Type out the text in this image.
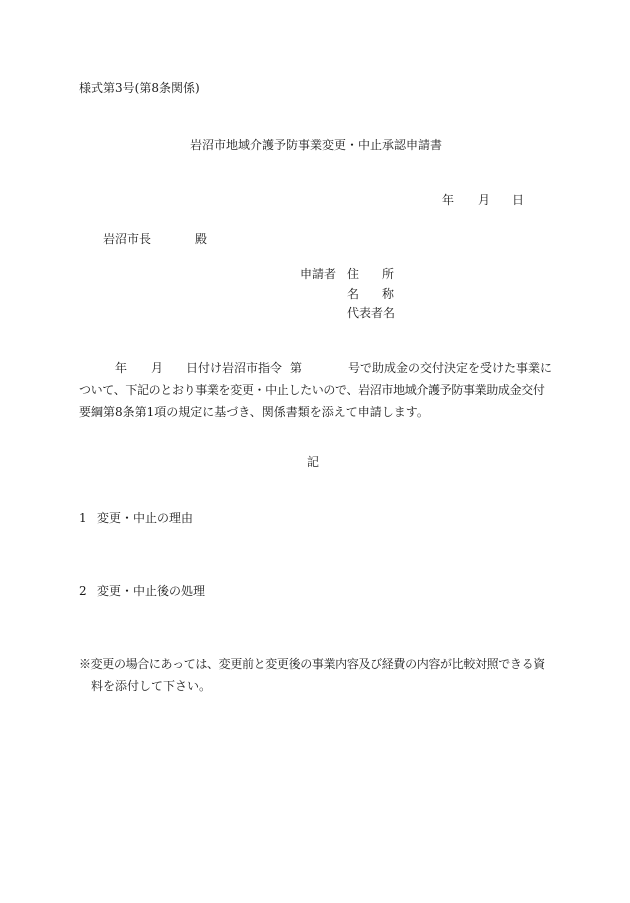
様式第3号(第8条関係)
岩沼市地域介護予防事業変更・中止承認申請書
年 月 日
岩沼市長	殿
申請者 住 所
名 称
代表者名
年 月 日付け岩沼市指令 第	号で助成金の交付決定を受けた事業に
ついて、下記のとおり事業を変更・中止したいので、岩沼市地域介護予防事業助成金交付
要綱第8条第1項の規定に基づき、関係書類を添えて申請します。
記
1 変更・中止の理由
2 変更・中止後の処理
※変更の場合にあっては、変更前と変更後の事業内容及び経費の内容が比較対照できる資
料を添付して下さい。
